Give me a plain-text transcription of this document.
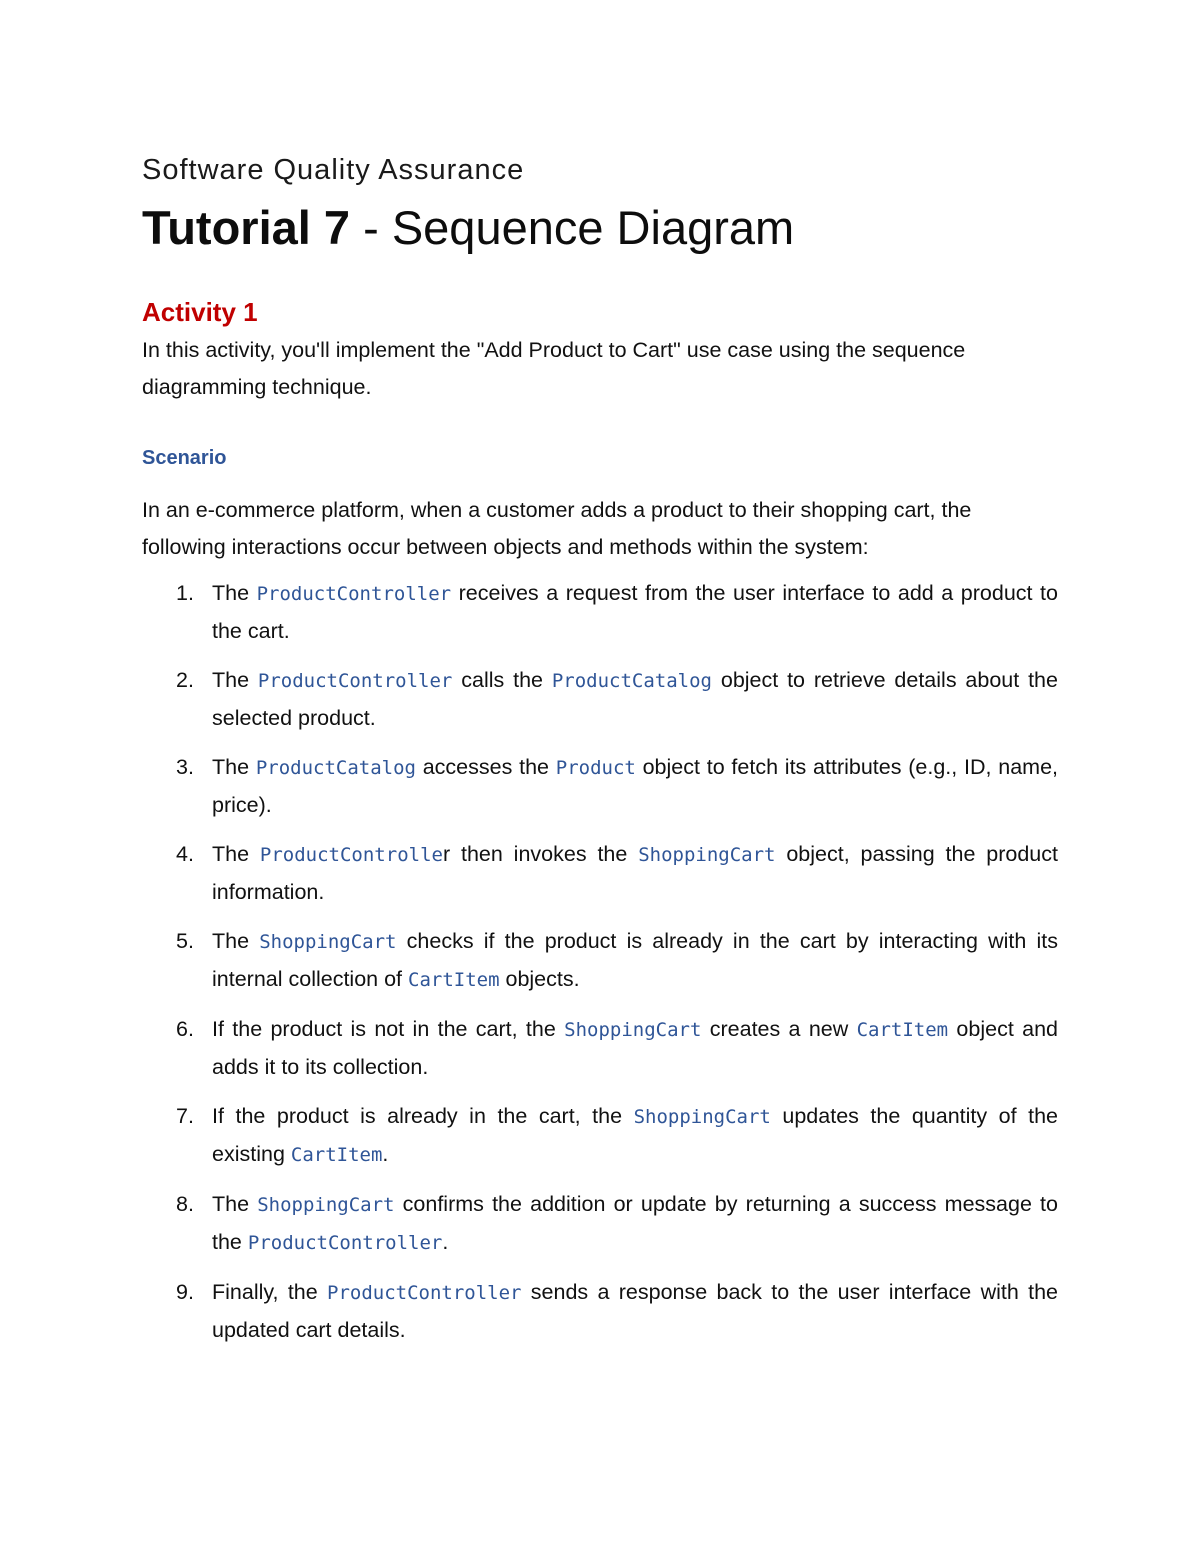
Software Quality Assurance

Tutorial 7 - Sequence Diagram
Activity 1

In this activity, you'll implement the "Add Product to Cart" use case using the sequence diagramming technique.

Scenario

In an e-commerce platform, when a customer adds a product to their shopping cart, the following interactions occur between objects and methods within the system:

1. The ProductController receives a request from the user interface to add a product to the cart.
2. The ProductController calls the ProductCatalog object to retrieve details about the selected product.
3. The ProductCatalog accesses the Product object to fetch its attributes (e.g., ID, name, price).
4. The ProductController then invokes the ShoppingCart object, passing the product information.
5. The ShoppingCart checks if the product is already in the cart by interacting with its internal collection of CartItem objects.
6. If the product is not in the cart, the ShoppingCart creates a new CartItem object and adds it to its collection.
7. If the product is already in the cart, the ShoppingCart updates the quantity of the existing CartItem.
8. The ShoppingCart confirms the addition or update by returning a success message to the ProductController.
9. Finally, the ProductController sends a response back to the user interface with the updated cart details.
